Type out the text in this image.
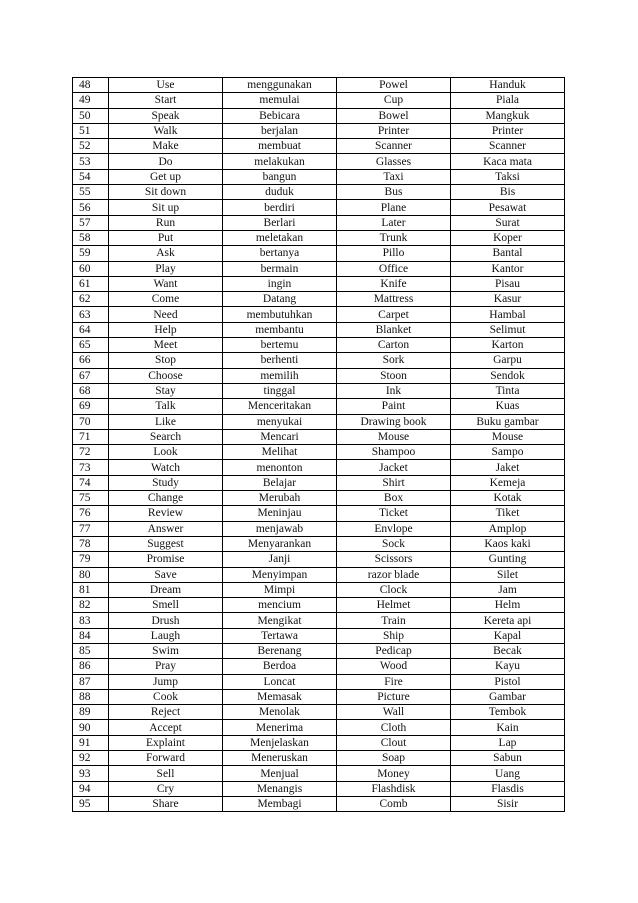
48	Use	menggunakan	Powel	Handuk
49	Start	memulai	Cup	Piala
50	Speak	Bebicara	Bowel	Mangkuk
51	Walk	berjalan	Printer	Printer
52	Make	membuat	Scanner	Scanner
53	Do	melakukan	Glasses	Kaca mata
54	Get up	bangun	Taxi	Taksi
55	Sit down	duduk	Bus	Bis
56	Sit up	berdiri	Plane	Pesawat
57	Run	Berlari	Later	Surat
58	Put	meletakan	Trunk	Koper
59	Ask	bertanya	Pillo	Bantal
60	Play	bermain	Office	Kantor
61	Want	ingin	Knife	Pisau
62	Come	Datang	Mattress	Kasur
63	Need	membutuhkan	Carpet	Hambal
64	Help	membantu	Blanket	Selimut
65	Meet	bertemu	Carton	Karton
66	Stop	berhenti	Sork	Garpu
67	Choose	memilih	Stoon	Sendok
68	Stay	tinggal	Ink	Tinta
69	Talk	Menceritakan	Paint	Kuas
70	Like	menyukai	Drawing book	Buku gambar
71	Search	Mencari	Mouse	Mouse
72	Look	Melihat	Shampoo	Sampo
73	Watch	menonton	Jacket	Jaket
74	Study	Belajar	Shirt	Kemeja
75	Change	Merubah	Box	Kotak
76	Review	Meninjau	Ticket	Tiket
77	Answer	menjawab	Envlope	Amplop
78	Suggest	Menyarankan	Sock	Kaos kaki
79	Promise	Janji	Scissors	Gunting
80	Save	Menyimpan	razor blade	Silet
81	Dream	Mimpi	Clock	Jam
82	Smell	mencium	Helmet	Helm
83	Drush	Mengikat	Train	Kereta api
84	Laugh	Tertawa	Ship	Kapal
85	Swim	Berenang	Pedicap	Becak
86	Pray	Berdoa	Wood	Kayu
87	Jump	Loncat	Fire	Pistol
88	Cook	Memasak	Picture	Gambar
89	Reject	Menolak	Wall	Tembok
90	Accept	Menerima	Cloth	Kain
91	Explaint	Menjelaskan	Clout	Lap
92	Forward	Meneruskan	Soap	Sabun
93	Sell	Menjual	Money	Uang
94	Cry	Menangis	Flashdisk	Flasdis
95	Share	Membagi	Comb	Sisir
